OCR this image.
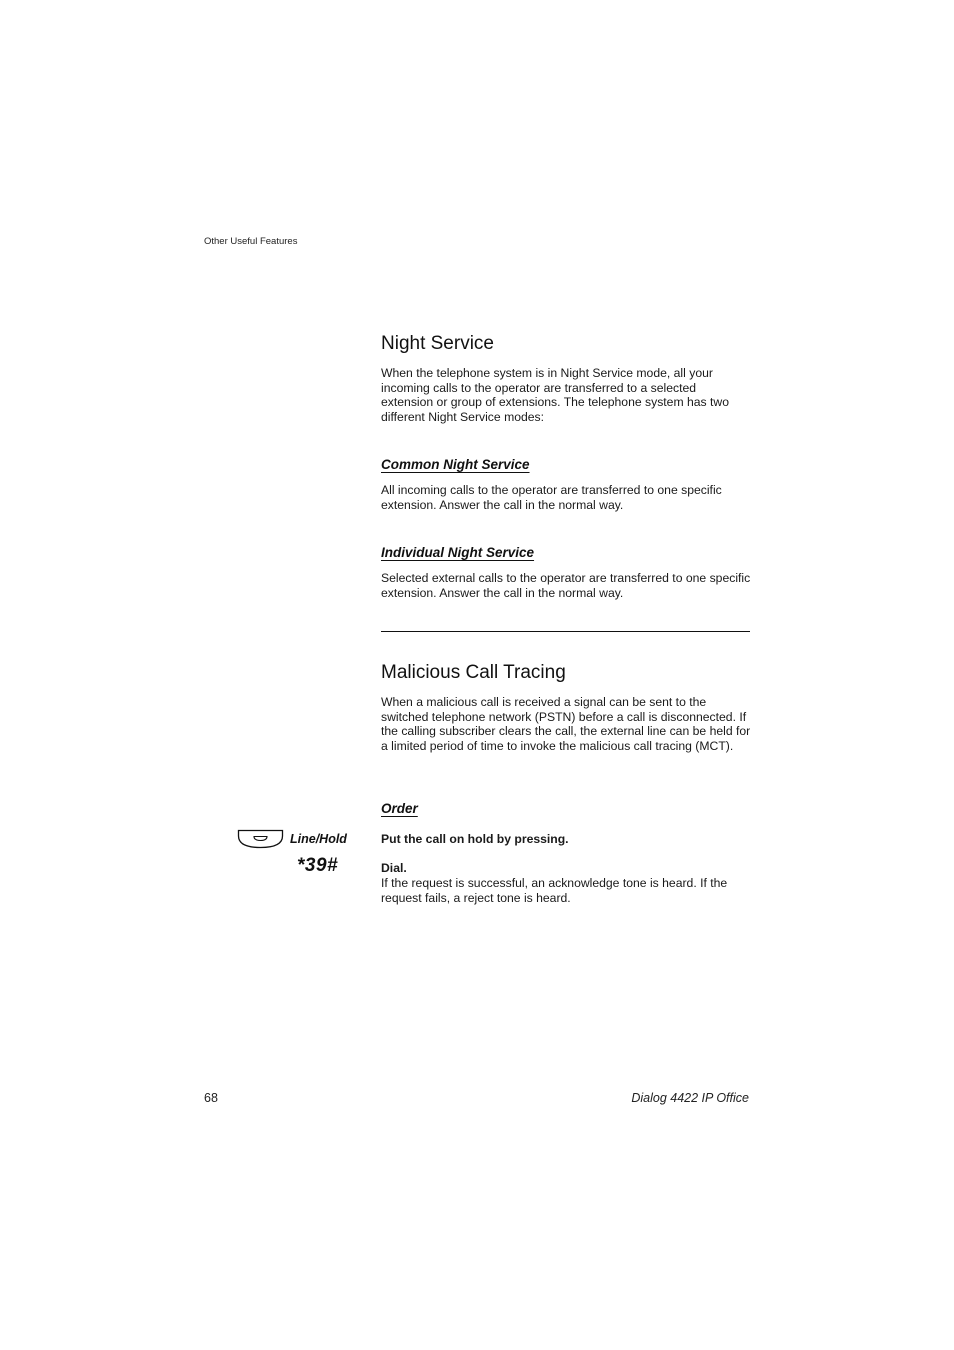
Other Useful Features
Night Service
When the telephone system is in Night Service mode, all your incoming calls to the operator are transferred to a selected extension or group of extensions. The telephone system has two different Night Service modes:
Common Night Service
All incoming calls to the operator are transferred to one specific extension. Answer the call in the normal way.
Individual Night Service
Selected external calls to the operator are transferred to one specific extension. Answer the call in the normal way.
Malicious Call Tracing
When a malicious call is received a signal can be sent to the switched telephone network (PSTN) before a call is disconnected. If the calling subscriber clears the call, the external line can be held for a limited period of time to invoke the malicious call tracing (MCT).
Order
Line/Hold	Put the call on hold by pressing.
*39#	Dial.
If the request is successful, an acknowledge tone is heard. If the request fails, a reject tone is heard.
68	Dialog 4422 IP Office
